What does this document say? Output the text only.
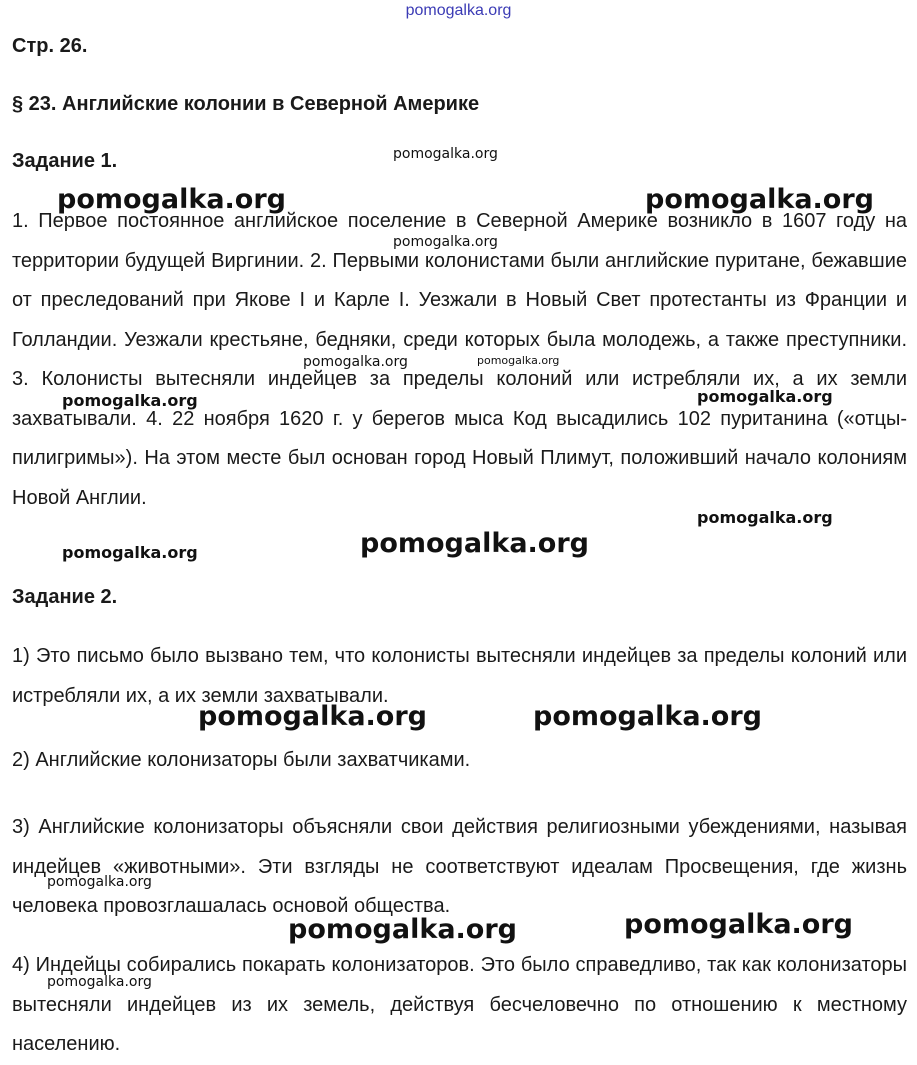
pomogalka.org
Стр. 26.
§ 23. Английские колонии в Северной Америке
Задание 1.
1. Первое постоянное английское поселение в Северной Америке возникло в 1607 году на территории будущей Виргинии. 2. Первыми колонистами были английские пуритане, бежавшие от преследований при Якове I и Карле I. Уезжали в Новый Свет протестанты из Франции и Голландии. Уезжали крестьяне, бедняки, среди которых была молодежь, а также преступники. 3. Колонисты вытесняли индейцев за пределы колоний или истребляли их, а их земли захватывали. 4. 22 ноября 1620 г. у берегов мыса Код высадились 102 пуританина («отцы-пилигримы»). На этом месте был основан город Новый Плимут, положивший начало колониям Новой Англии.
Задание 2.
1) Это письмо было вызвано тем, что колонисты вытесняли индейцев за пределы колоний или истребляли их, а их земли захватывали.
2) Английские колонизаторы были захватчиками.
3) Английские колонизаторы объясняли свои действия религиозными убеждениями, называя индейцев «животными». Эти взгляды не соответствуют идеалам Просвещения, где жизнь человека провозглашалась основой общества.
4) Индейцы собирались покарать колонизаторов. Это было справедливо, так как колонизаторы вытесняли индейцев из их земель, действуя бесчеловечно по отношению к местному населению.
pomogalka.org
pomogalka.org
pomogalka.org	pomogalka.org
pomogalka.org	pomogalka.org
pomogalka.org
pomogalka.org
pomogalka.org
pomogalka.org
pomogalka.org	pomogalka.org
pomogalka.org
pomogalka.org	pomogalka.org
pomogalka.org	pomogalka.org
